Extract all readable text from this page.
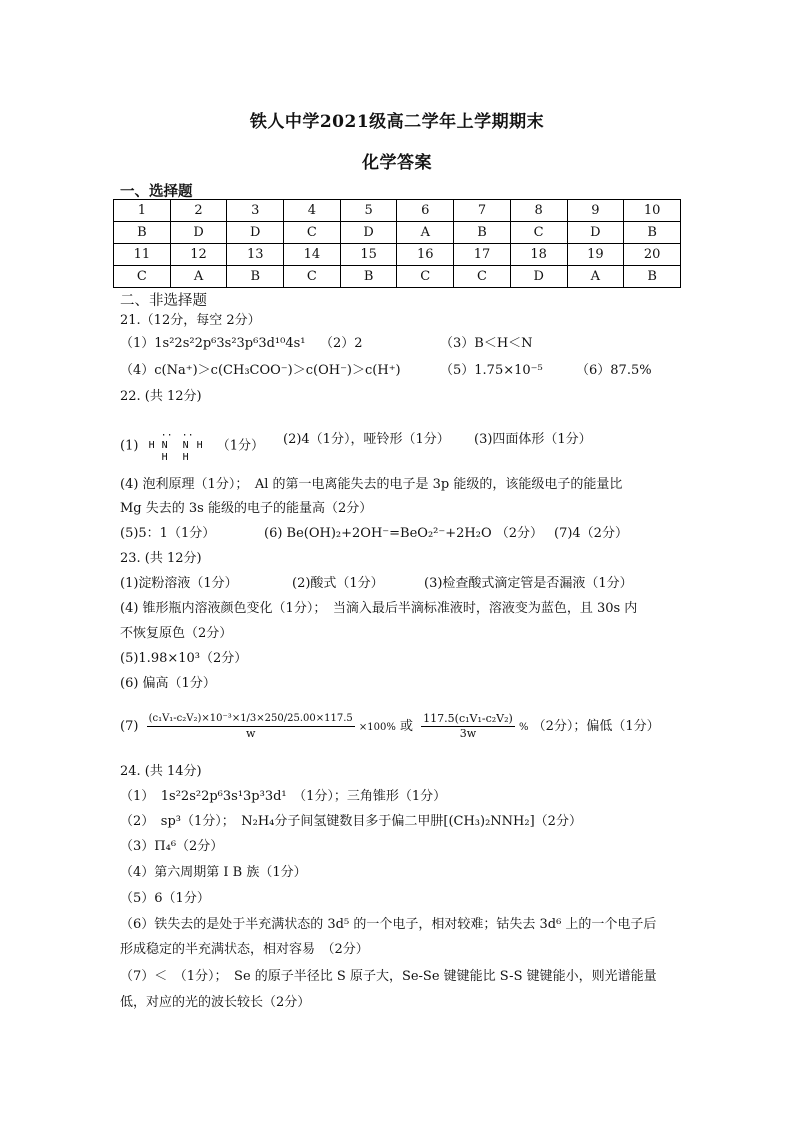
铁人中学2021级高二学年上学期期末
化学答案
一、选择题
1	2	3	4	5	6	7	8	9	10
B	D	D	C	D	A	B	C	D	B
11	12	13	14	15	16	17	18	19	20
C	A	B	C	B	C	C	D	A	B
二、非选择题
21.（12分，每空 2分）
（1）1s²2s²2p⁶3s²3p⁶3d¹⁰4s¹ （2）2	（3）B＜H＜N
（4）c(Na⁺)＞c(CH₃COO⁻)＞c(OH⁻)＞c(H⁺)	（5）1.75×10⁻⁵	（6）87.5%
22. (共 12分)
(1)
·· ··
H N N H
H H
（1分） (2)4（1分），哑铃形（1分） (3)四面体形（1分）
(4) 泡利原理（1分）；　Al 的第一电离能失去的电子是 3p 能级的，该能级电子的能量比
Mg 失去的 3s 能级的电子的能量高（2分）
(5)5：1（1分）	(6) Be(OH)₂+2OH⁻=BeO₂²⁻+2H₂O （2分） (7)4（2分）
23. (共 12分)
(1)淀粉溶液（1分）	(2)酸式（1分）	(3)检查酸式滴定管是否漏液（1分）
(4) 锥形瓶内溶液颜色变化（1分）；　当滴入最后半滴标准液时，溶液变为蓝色，且 30s 内
不恢复原色（2分）
(5)1.98×10³（2分）
(6) 偏高（1分）
$(7) \frac{\text{(c₁V₁-c₂V₂)×10⁻³×1/3×250/25.00×117.5}}{w} \times 100\%$ 或 $\frac{\text{117.5(c₁V₁-c₂V₂)}}{3w}$ % （2分）；偏低（1分）
24. (共 14分)
（1）　1s²2s²2p⁶3s¹3p³3d¹　（1分）；三角锥形（1分）
（2）　sp³（1分）；　N₂H₄分子间氢键数目多于偏二甲肼[(CH₃)₂NNH₂]（2分）
（3）Π₄⁶（2分）
（4）第六周期第 I B 族（1分）
（5）6（1分）
（6）铁失去的是处于半充满状态的 3d⁵ 的一个电子，相对较难；钴失去 3d⁶ 上的一个电子后
形成稳定的半充满状态，相对容易　（2分）
（7）＜　（1分）；　Se 的原子半径比 S 原子大，Se-Se 键键能比 S-S 键键能小，则光谱能量
低，对应的光的波长较长（2分）
